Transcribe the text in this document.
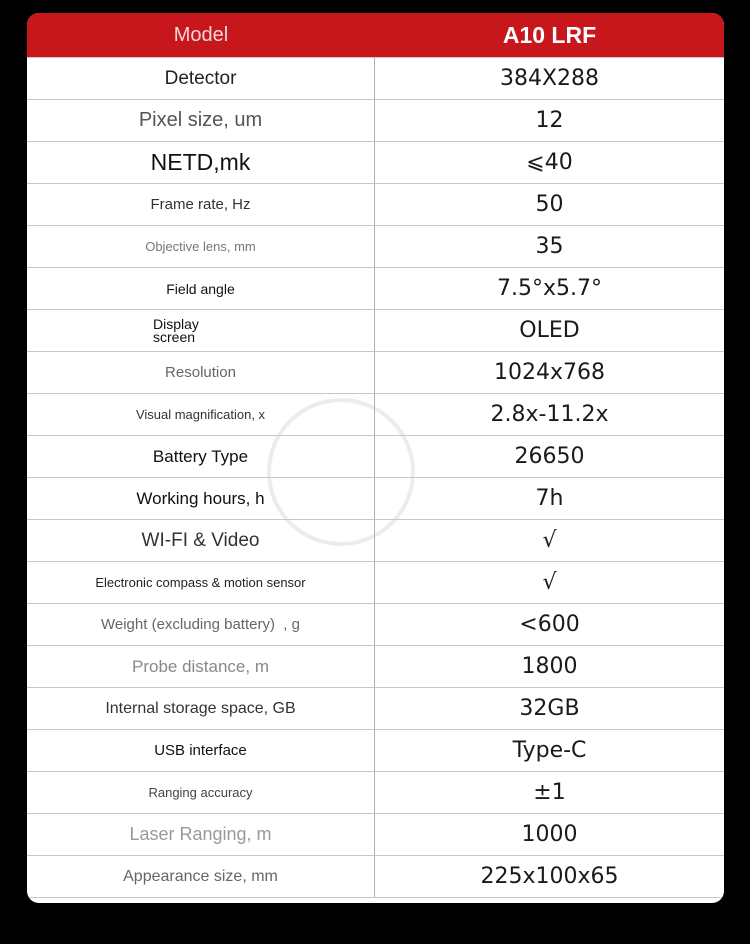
Model	A10 LRF
Detector	384X288
Pixel size, um	12
NETD,mk	⩽40
Frame rate, Hz	50
Objective lens, mm	35
Field angle	7.5°x5.7°
Display
screen	OLED
Resolution	1024x768
Visual magnification, x	2.8x-11.2x
Battery Type	26650
Working hours, h	7h
WI-FI & Video	√
Electronic compass & motion sensor	√
Weight (excluding battery)  , g	<600
Probe distance, m	1800
Internal storage space, GB	32GB
USB interface	Type-C
Ranging accuracy	±1
Laser Ranging, m	1000
Appearance size, mm	225x100x65
